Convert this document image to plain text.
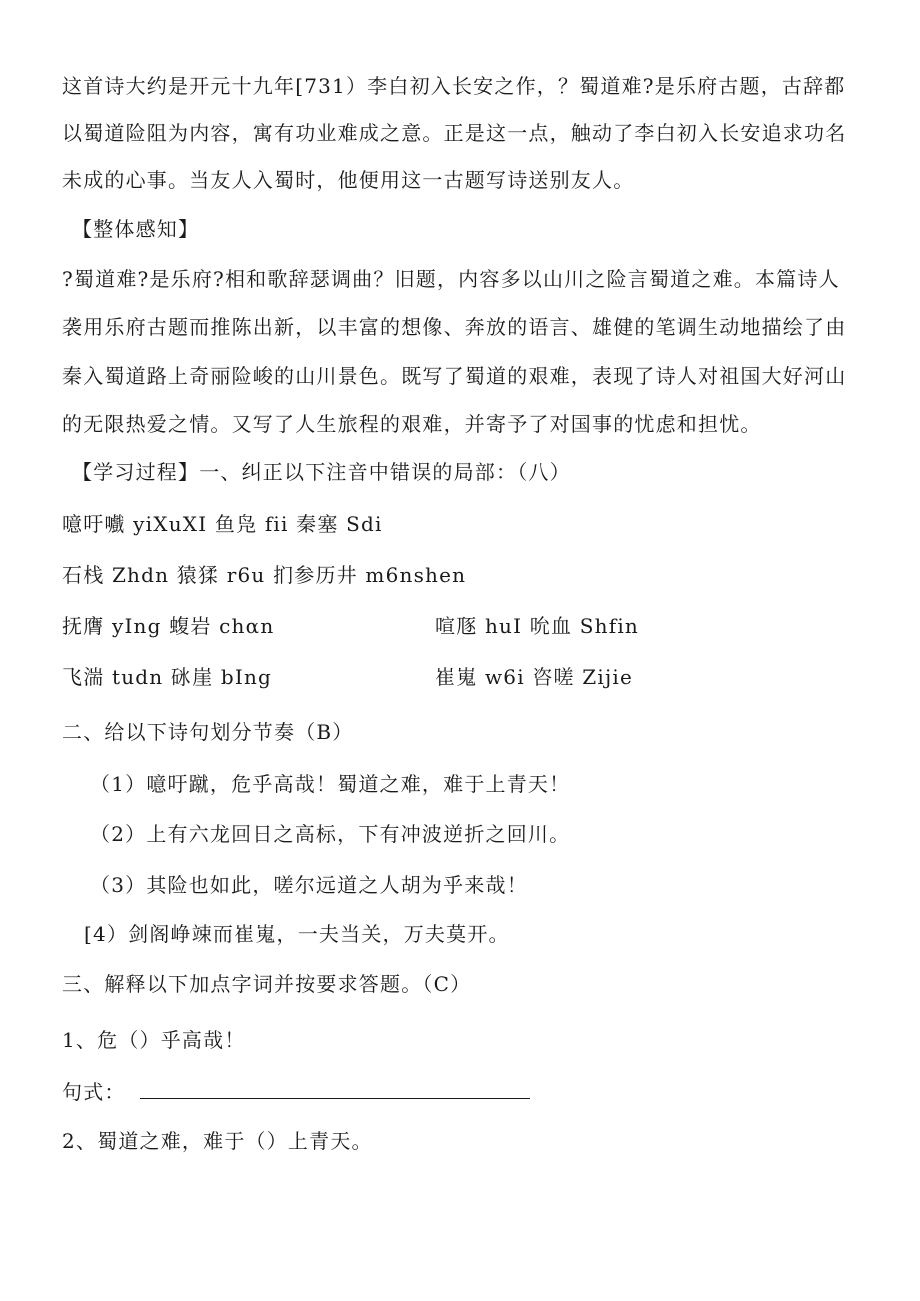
这首诗大约是开元十九年[731）李白初入长安之作，？蜀道难?是乐府古题，古辞都
以蜀道险阻为内容，寓有功业难成之意。正是这一点，触动了李白初入长安追求功名
未成的心事。当友人入蜀时，他便用这一古题写诗送别友人。
【整体感知】
?蜀道难?是乐府?相和歌辞瑟调曲？旧题，内容多以山川之险言蜀道之难。本篇诗人
袭用乐府古题而推陈出新，以丰富的想像、奔放的语言、雄健的笔调生动地描绘了由
秦入蜀道路上奇丽险峻的山川景色。既写了蜀道的艰难，表现了诗人对祖国大好河山
的无限热爱之情。又写了人生旅程的艰难，并寄予了对国事的忧虑和担忧。
【学习过程】一、纠正以下注音中错误的局部：（八）
噫吁嚱 yiXuXI 鱼凫 fii 秦塞 Sdi
石栈 Zhdn 猿猱 r6u 扪参历井 m6nshen
抚膺 yIng 蝮岩 chαn	喧豗 huI 吮血 Shfin
飞湍 tudn 砯崖 bIng	崔嵬 w6i 咨嗟 Zijie
二、给以下诗句划分节奏（B）
（1）噫吁蹴，危乎高哉！蜀道之难，难于上青天！
（2）上有六龙回日之高标，下有冲波逆折之回川。
（3）其险也如此，嗟尔远道之人胡为乎来哉！
[4）剑阁峥竦而崔嵬，一夫当关，万夫莫开。
三、解释以下加点字词并按要求答题。（C）
1、危（）乎高哉！
句式：
2、蜀道之难，难于（）上青天。
